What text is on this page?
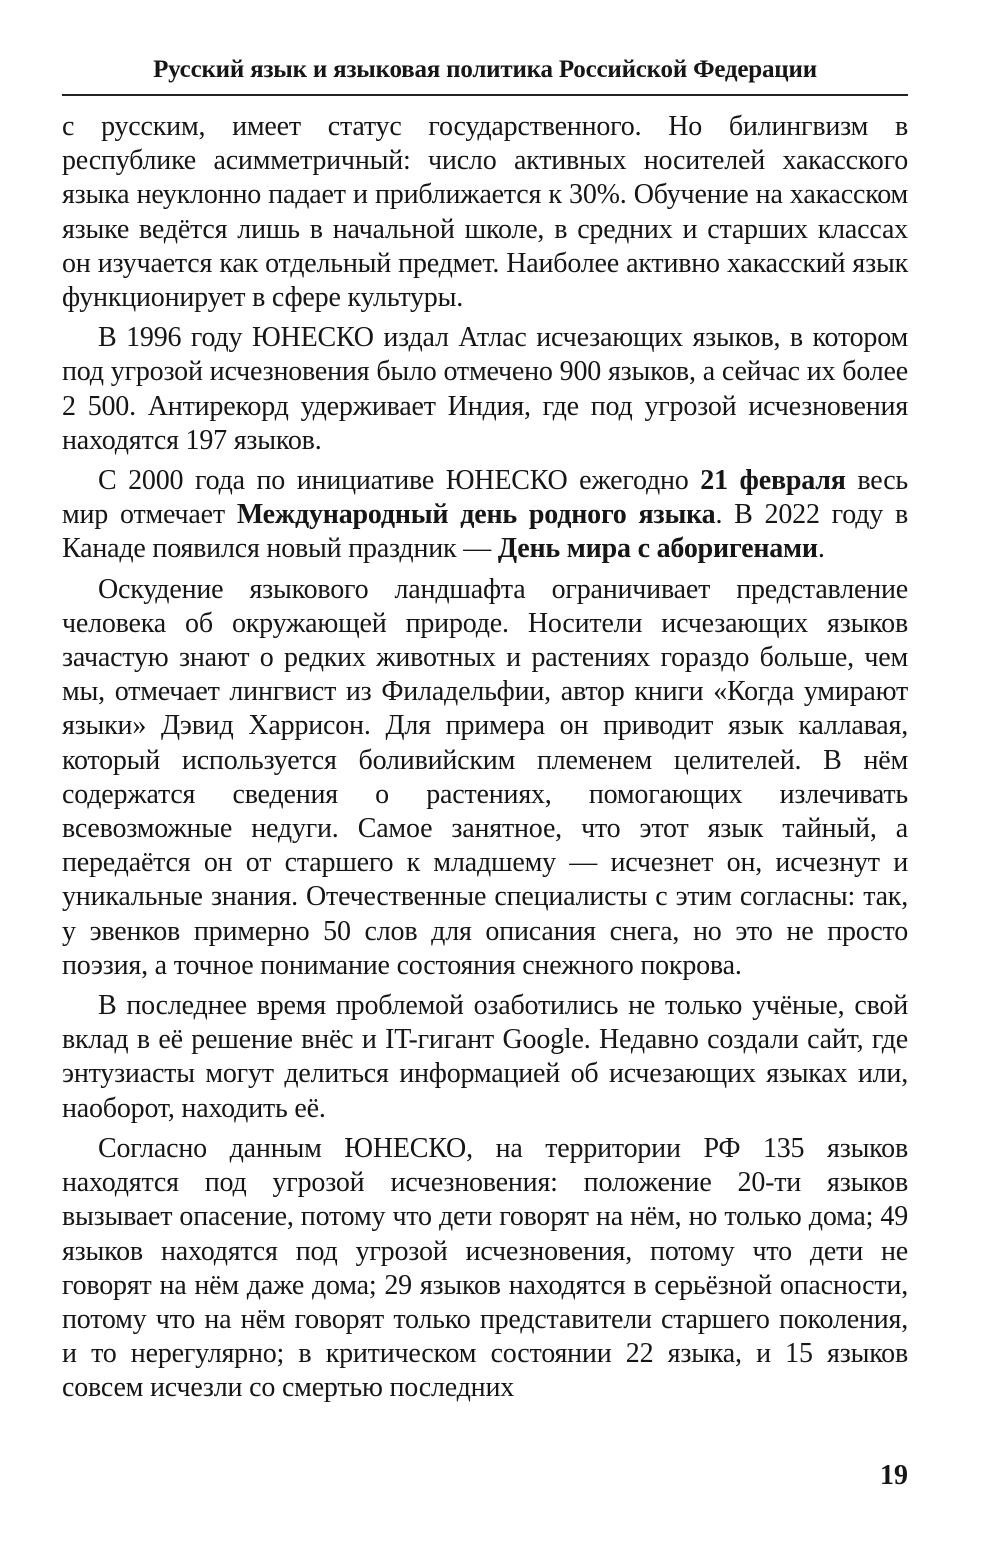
Русский язык и языковая политика Российской Федерации

с русским, имеет статус государственного. Но билингвизм в республике асимметричный: число активных носителей хакасского языка неуклонно падает и приближается к 30%. Обучение на хакасском языке ведётся лишь в начальной школе, в средних и старших классах он изучается как отдельный предмет. Наиболее активно хакасский язык функционирует в сфере культуры.

В 1996 году ЮНЕСКО издал Атлас исчезающих языков, в котором под угрозой исчезновения было отмечено 900 языков, а сейчас их более 2 500. Антирекорд удерживает Индия, где под угрозой исчезновения находятся 197 языков.

С 2000 года по инициативе ЮНЕСКО ежегодно 21 февраля весь мир отмечает Международный день родного языка. В 2022 году в Канаде появился новый праздник — День мира с аборигенами.

Оскудение языкового ландшафта ограничивает представление человека об окружающей природе. Носители исчезающих языков зачастую знают о редких животных и растениях гораздо больше, чем мы, отмечает лингвист из Филадельфии, автор книги «Когда умирают языки» Дэвид Харрисон. Для примера он приводит язык каллавая, который используется боливийским племенем целителей. В нём содержатся сведения о растениях, помогающих излечивать всевозможные недуги. Самое занятное, что этот язык тайный, а передаётся он от старшего к младшему — исчезнет он, исчезнут и уникальные знания. Отечественные специалисты с этим согласны: так, у эвенков примерно 50 слов для описания снега, но это не просто поэзия, а точное понимание состояния снежного покрова.

В последнее время проблемой озаботились не только учёные, свой вклад в её решение внёс и IT-гигант Google. Недавно создали сайт, где энтузиасты могут делиться информацией об исчезающих языках или, наоборот, находить её.

Согласно данным ЮНЕСКО, на территории РФ 135 языков находятся под угрозой исчезновения: положение 20-ти языков вызывает опасение, потому что дети говорят на нём, но только дома; 49 языков находятся под угрозой исчезновения, потому что дети не говорят на нём даже дома; 29 языков находятся в серьёзной опасности, потому что на нём говорят только представители старшего поколения, и то нерегулярно; в критическом состоянии 22 языка, и 15 языков совсем исчезли со смертью последних

19
